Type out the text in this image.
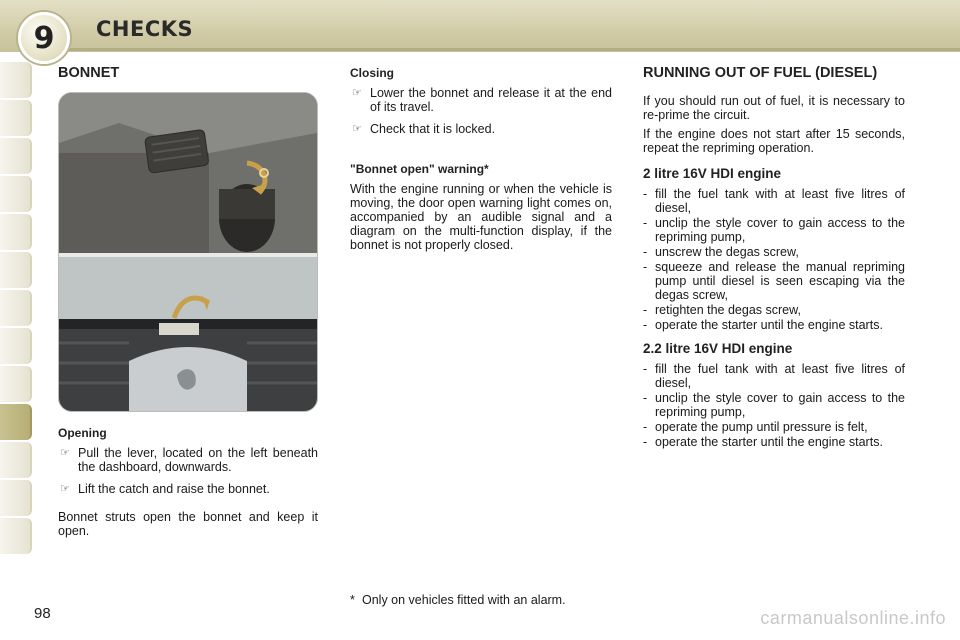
9	CHECKS
BONNET
Opening
☞ Pull the lever, located on the left beneath the dashboard, downwards.
☞ Lift the catch and raise the bonnet.

Bonnet struts open the bonnet and keep it open.

Closing
☞ Lower the bonnet and release it at the end of its travel.
☞ Check that it is locked.
"Bonnet open" warning*

With the engine running or when the vehicle is moving, the door open warning light comes on, accompanied by an audible signal and a diagram on the multi-function display, if the bonnet is not properly closed.

* Only on vehicles fitted with an alarm.
RUNNING OUT OF FUEL (DIESEL)

If you should run out of fuel, it is necessary to re-prime the circuit.

If the engine does not start after 15 seconds, repeat the repriming operation.

2 litre 16V HDI engine
- fill the fuel tank with at least five litres of diesel,
- unclip the style cover to gain access to the repriming pump,
- unscrew the degas screw,
- squeeze and release the manual repriming pump until diesel is seen escaping via the degas screw,
- retighten the degas screw,
- operate the starter until the engine starts.
2.2 litre 16V HDI engine
- fill the fuel tank with at least five litres of diesel,
- unclip the style cover to gain access to the repriming pump,
- operate the pump until pressure is felt,
- operate the starter until the engine starts.
98	carmanualsonline.info
